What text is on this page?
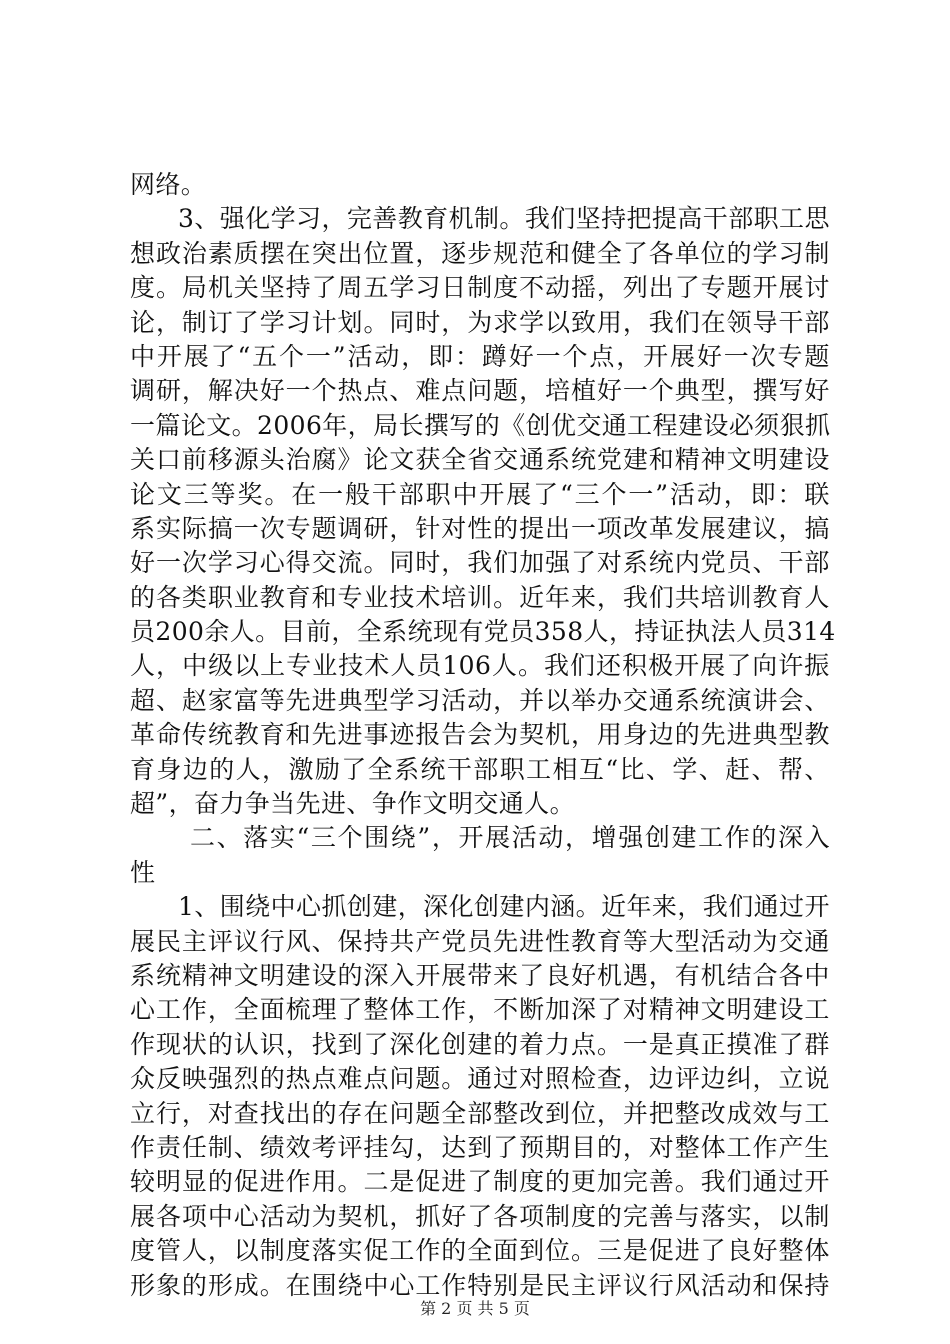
网络。
3 、 强 化 学 习 ， 完 善 教 育 机 制 。 我 们 坚 持 把 提 高 干 部 职 工 思
想 政 治 素 质 摆 在 突 出 位 置 ， 逐 步 规 范 和 健 全 了 各 单 位 的 学 习 制
度 。 局 机 关 坚 持 了 周 五 学 习 日 制 度 不 动 摇 ， 列 出 了 专 题 开 展 讨
论 ， 制 订 了 学 习 计 划 。 同 时 ， 为 求 学 以 致 用 ， 我 们 在 领 导 干 部
中 开 展 了 “ 五 个 一 ” 活 动 ， 即 ： 蹲 好 一 个 点 ， 开 展 好 一 次 专 题
调 研 ， 解 决 好 一 个 热 点 、 难 点 问 题 ， 培 植 好 一 个 典 型 ， 撰 写 好
一 篇 论 文 。 2006 年 ， 局 长 撰 写 的 《 创 优 交 通 工 程 建 设 必 须 狠 抓
关 口 前 移 源 头 治 腐 》 论 文 获 全 省 交 通 系 统 党 建 和 精 神 文 明 建 设
论 文 三 等 奖 。 在 一 般 干 部 职 中 开 展 了 “ 三 个 一 ” 活 动 ， 即 ： 联
系 实 际 搞 一 次 专 题 调 研 ， 针 对 性 的 提 出 一 项 改 革 发 展 建 议 ， 搞
好 一 次 学 习 心 得 交 流 。 同 时 ， 我 们 加 强 了 对 系 统 内 党 员 、 干 部
的 各 类 职 业 教 育 和 专 业 技 术 培 训 。 近 年 来 ， 我 们 共 培 训 教 育 人
员 200 余 人 。 目 前 ， 全 系 统 现 有 党 员 358 人 ， 持 证 执 法 人 员 314
人 ， 中 级 以 上 专 业 技 术 人 员 106 人 。 我 们 还 积 极 开 展 了 向 许 振
超 、 赵 家 富 等 先 进 典 型 学 习 活 动 ， 并 以 举 办 交 通 系 统 演 讲 会 、
革 命 传 统 教 育 和 先 进 事 迹 报 告 会 为 契 机 ， 用 身 边 的 先 进 典 型 教
育 身 边 的 人 ， 激 励 了 全 系 统 干 部 职 工 相 互 “ 比 、 学 、 赶 、 帮 、
超”，奋力争当先进、争作文明交通人。
二 、 落 实 “ 三 个 围 绕 ” ， 开 展 活 动 ， 增 强 创 建 工 作 的 深 入
性
1 、 围 绕 中 心 抓 创 建 ， 深 化 创 建 内 涵 。 近 年 来 ， 我 们 通 过 开
展 民 主 评 议 行 风 、 保 持 共 产 党 员 先 进 性 教 育 等 大 型 活 动 为 交 通
系 统 精 神 文 明 建 设 的 深 入 开 展 带 来 了 良 好 机 遇 ， 有 机 结 合 各 中
心 工 作 ， 全 面 梳 理 了 整 体 工 作 ， 不 断 加 深 了 对 精 神 文 明 建 设 工
作 现 状 的 认 识 ， 找 到 了 深 化 创 建 的 着 力 点 。 一 是 真 正 摸 准 了 群
众 反 映 强 烈 的 热 点 难 点 问 题 。 通 过 对 照 检 查 ， 边 评 边 纠 ， 立 说
立 行 ， 对 查 找 出 的 存 在 问 题 全 部 整 改 到 位 ， 并 把 整 改 成 效 与 工
作 责 任 制 、 绩 效 考 评 挂 勾 ， 达 到 了 预 期 目 的 ， 对 整 体 工 作 产 生
较 明 显 的 促 进 作 用 。 二 是 促 进 了 制 度 的 更 加 完 善 。 我 们 通 过 开
展 各 项 中 心 活 动 为 契 机 ， 抓 好 了 各 项 制 度 的 完 善 与 落 实 ， 以 制
度 管 人 ， 以 制 度 落 实 促 工 作 的 全 面 到 位 。 三 是 促 进 了 良 好 整 体
形 象 的 形 成 。 在 围 绕 中 心 工 作 特 别 是 民 主 评 议 行 风 活 动 和 保 持
第 2 页 共 5 页
